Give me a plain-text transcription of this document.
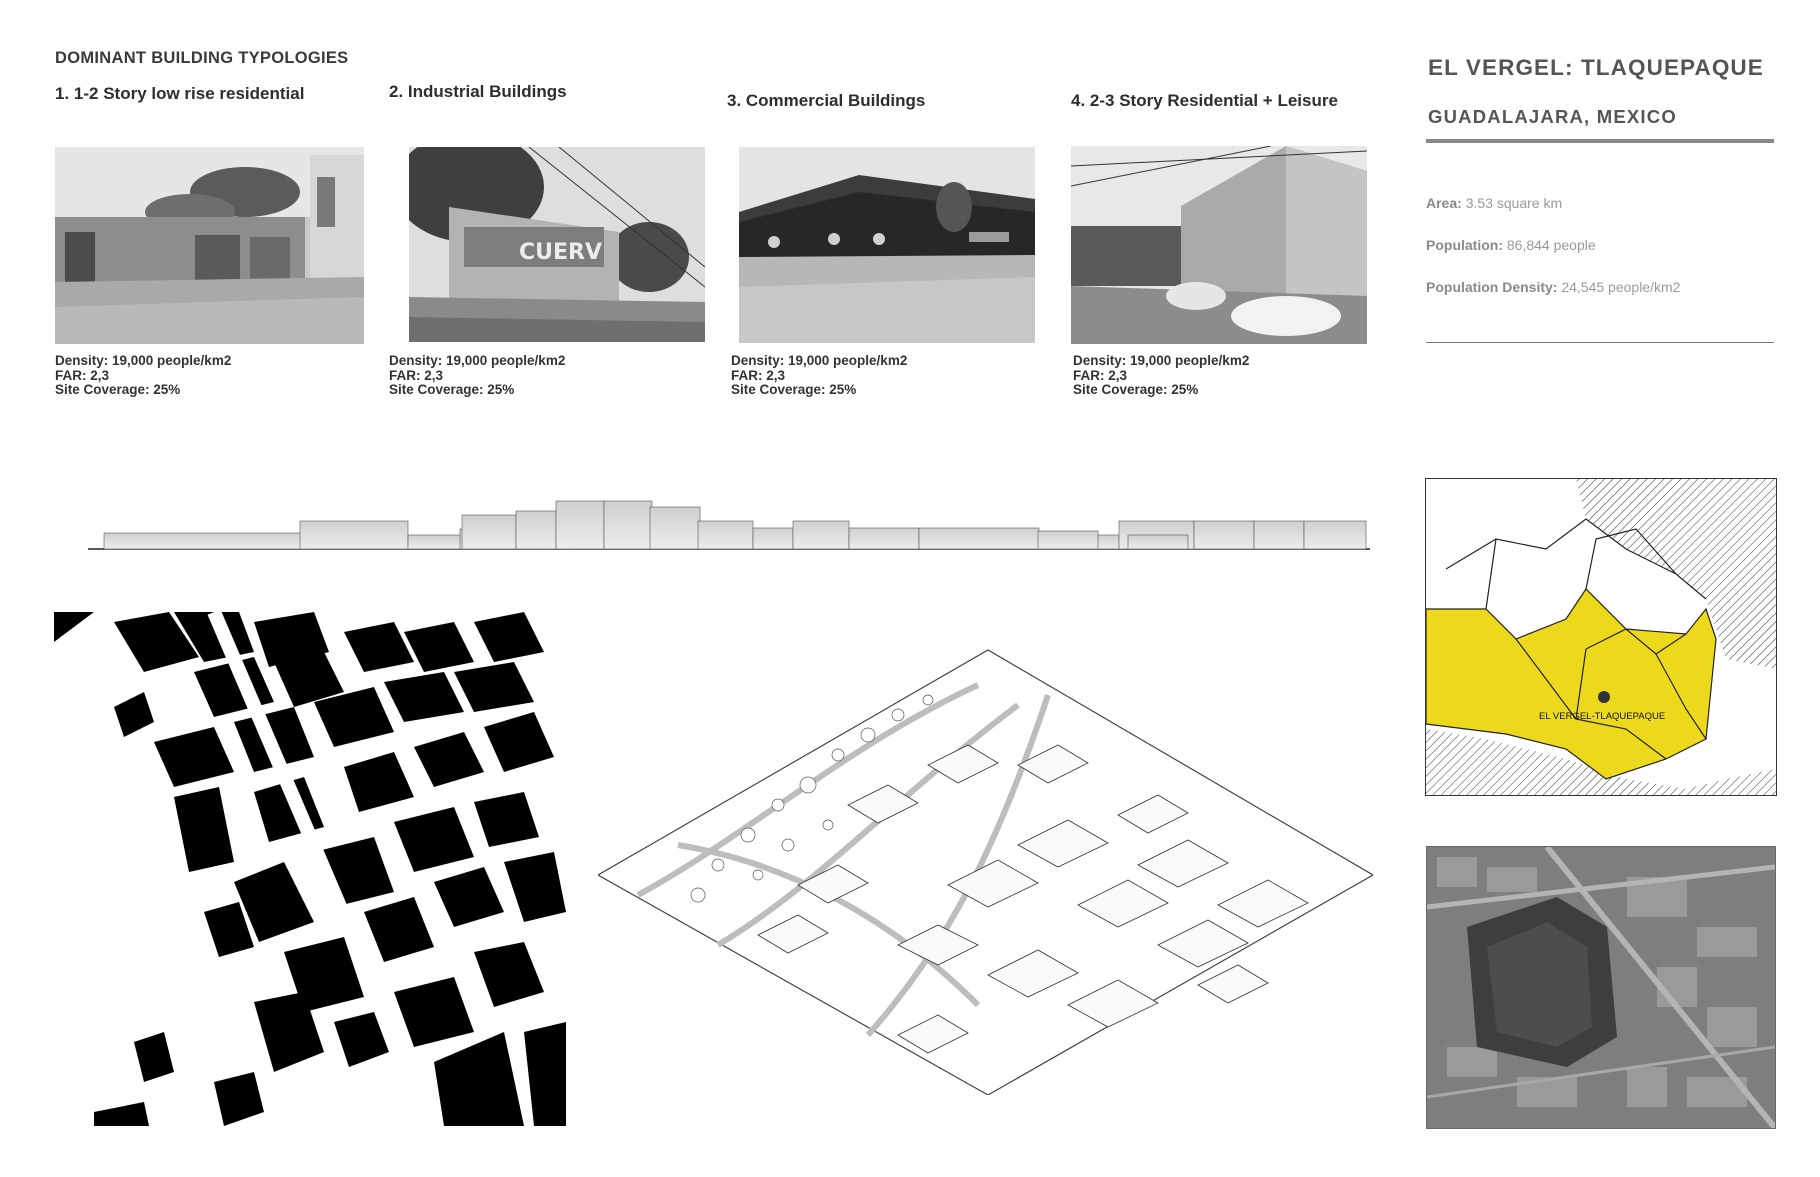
DOMINANT BUILDING TYPOLOGIES
1. 1-2 Story low rise residential	2. Industrial Buildings	3. Commercial Buildings	4. 2-3 Story Residential + Leisure
CUERV
Density: 19,000 people/km2
FAR: 2,3
Site Coverage: 25%
Density: 19,000 people/km2
FAR: 2,3
Site Coverage: 25%
Density: 19,000 people/km2
FAR: 2,3
Site Coverage: 25%
Density: 19,000 people/km2
FAR: 2,3
Site Coverage: 25%
EL VERGEL: TLAQUEPAQUE
GUADALAJARA, MEXICO
Area: 3.53 square km
Population: 86,844 people
Population Density: 24,545 people/km2
EL VERGEL-TLAQUEPAQUE
